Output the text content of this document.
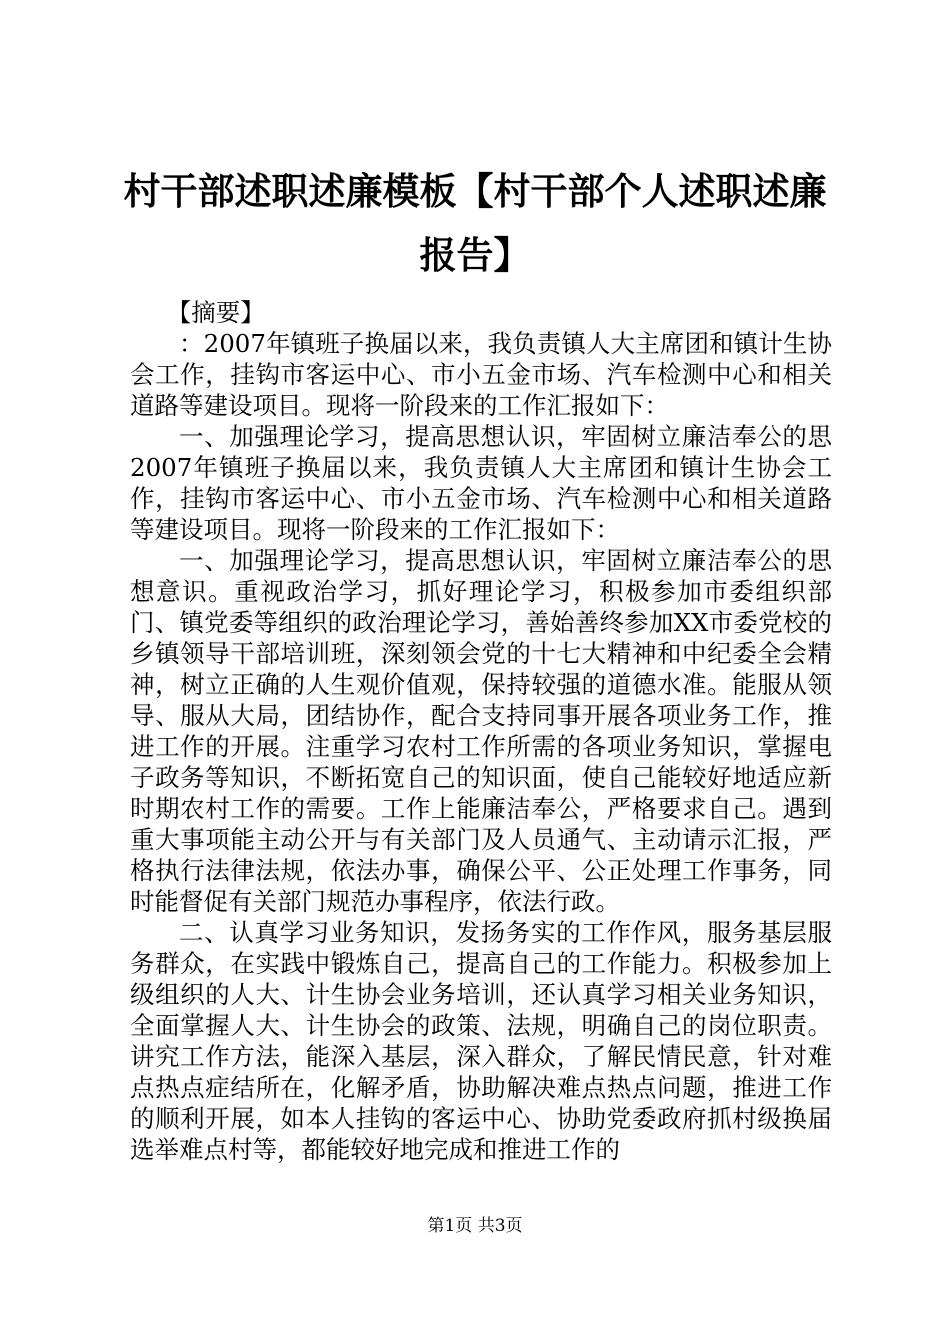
村干部述职述廉模板【村干部个人述职述廉报告】

【摘要】

：2007年镇班子换届以来，我负责镇人大主席团和镇计生协会工作，挂钩市客运中心、市小五金市场、汽车检测中心和相关道路等建设项目。现将一阶段来的工作汇报如下：

一、加强理论学习，提高思想认识，牢固树立廉洁奉公的思2007年镇班子换届以来，我负责镇人大主席团和镇计生协会工作，挂钩市客运中心、市小五金市场、汽车检测中心和相关道路等建设项目。现将一阶段来的工作汇报如下：

一、加强理论学习，提高思想认识，牢固树立廉洁奉公的思想意识。重视政治学习，抓好理论学习，积极参加市委组织部门、镇党委等组织的政治理论学习，善始善终参加XX市委党校的乡镇领导干部培训班，深刻领会党的十七大精神和中纪委全会精神，树立正确的人生观价值观，保持较强的道德水准。能服从领导、服从大局，团结协作，配合支持同事开展各项业务工作，推进工作的开展。注重学习农村工作所需的各项业务知识，掌握电子政务等知识，不断拓宽自己的知识面，使自己能较好地适应新时期农村工作的需要。工作上能廉洁奉公，严格要求自己。遇到重大事项能主动公开与有关部门及人员通气、主动请示汇报，严格执行法律法规，依法办事，确保公平、公正处理工作事务，同时能督促有关部门规范办事程序，依法行政。

二、认真学习业务知识，发扬务实的工作作风，服务基层服务群众，在实践中锻炼自己，提高自己的工作能力。积极参加上级组织的人大、计生协会业务培训，还认真学习相关业务知识，全面掌握人大、计生协会的政策、法规，明确自己的岗位职责。讲究工作方法，能深入基层，深入群众，了解民情民意，针对难点热点症结所在，化解矛盾，协助解决难点热点问题，推进工作的顺利开展，如本人挂钩的客运中心、协助党委政府抓村级换届选举难点村等，都能较好地完成和推进工作的

第1页 共3页
